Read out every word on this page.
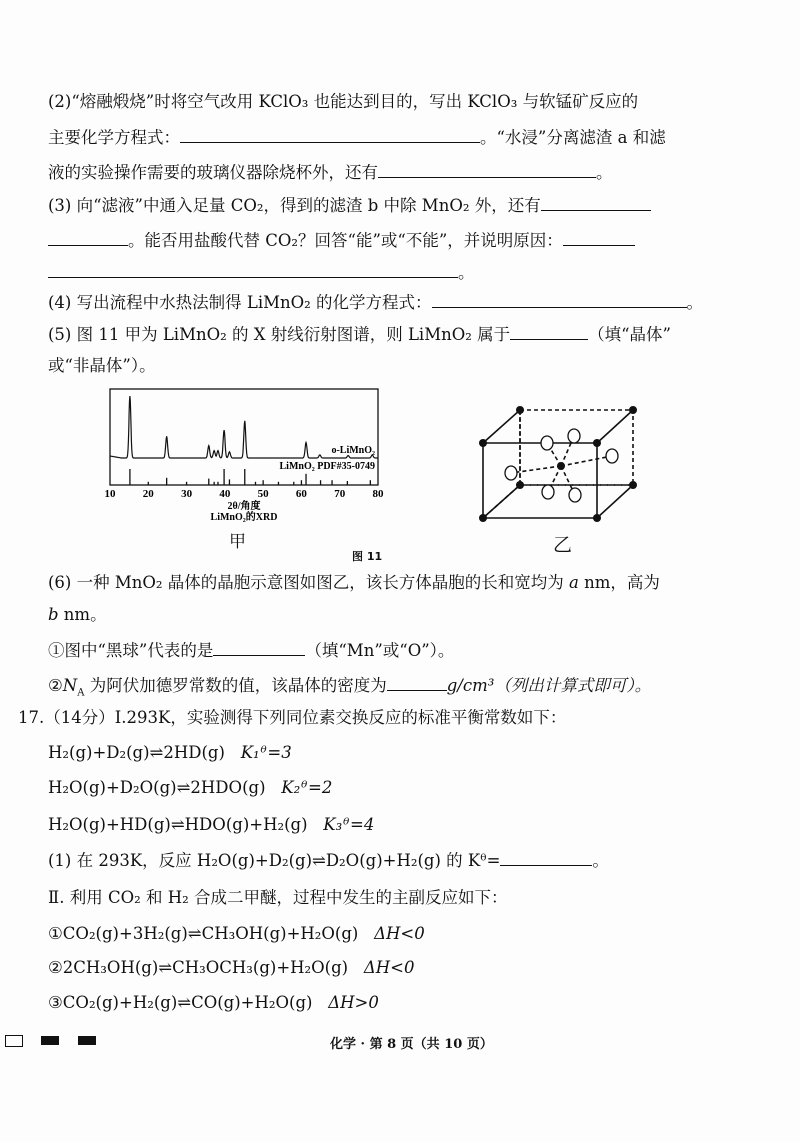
(2)“熔融煅烧”时将空气改用 KClO₃ 也能达到目的，写出 KClO₃ 与软锰矿反应的
主要化学方程式：	。“水浸”分离滤渣 a 和滤
液的实验操作需要的玻璃仪器除烧杯外，还有	。
(3) 向“滤液”中通入足量 CO₂，得到的滤渣 b 中除 MnO₂ 外，还有
。能否用盐酸代替 CO₂？回答“能”或“不能”，并说明原因：
。
(4) 写出流程中水热法制得 LiMnO₂ 的化学方程式：	。
(5) 图 11 甲为 LiMnO₂ 的 X 射线衍射图谱，则 LiMnO₂ 属于	（填“晶体”
或“非晶体”）。
o-LiMnO₂
LiMnO₂ PDF#35-0749
10 20 30 40 50 60 70 80
2θ/角度
LiMnO₂的XRD
甲
图 11
乙
(6) 一种 MnO₂ 晶体的晶胞示意图如图乙，该长方体晶胞的长和宽均为 a nm，高为
b nm。
①图中“黑球”代表的是	（填“Mn”或“O”）。
$②N_A$ 为阿伏加德罗常数的值，该晶体的密度为	g/cm³（列出计算式即可）。
17.（14分）Ⅰ.293K，实验测得下列同位素交换反应的标准平衡常数如下：
H₂(g)+D₂(g)⇌2HD(g) K₁ᶿ=3
H₂O(g)+D₂O(g)⇌2HDO(g) K₂ᶿ=2
H₂O(g)+HD(g)⇌HDO(g)+H₂(g) K₃ᶿ=4
(1) 在 293K，反应 H₂O(g)+D₂(g)⇌D₂O(g)+H₂(g) 的 Kᶿ=	。
Ⅱ. 利用 CO₂ 和 H₂ 合成二甲醚，过程中发生的主副反应如下：
①CO₂(g)+3H₂(g)⇌CH₃OH(g)+H₂O(g) ΔH<0
②2CH₃OH(g)⇌CH₃OCH₃(g)+H₂O(g) ΔH<0
③CO₂(g)+H₂(g)⇌CO(g)+H₂O(g) ΔH>0
化学 · 第 8 页（共 10 页）
